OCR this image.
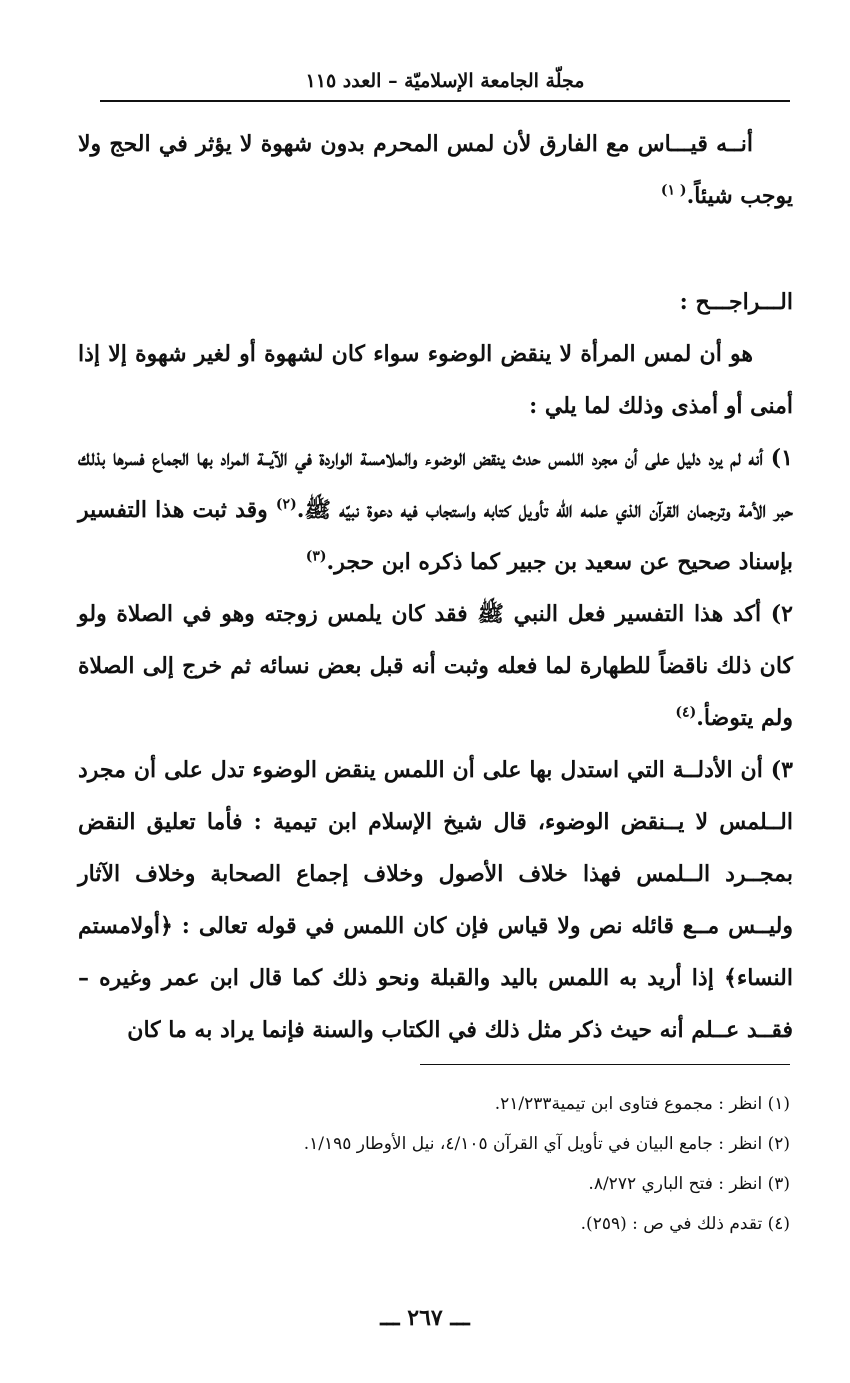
مجلّة الجامعة الإسلاميّة – العدد ١١٥

أنــه قيـــاس مع الفارق لأن لمس المحرم بدون شهوة لا يؤثر في الحج ولا يوجب شيئاً.$^{( ١)}$

الـــراجـــح :

هو أن لمس المرأة لا ينقض الوضوء سواء كان لشهوة أو لغير شهوة إلا إذا أمنى أو أمذى وذلك لما يلي :

١) أنه لم يرد دليل على أن مجرد اللمس حدث ينقض الوضوء والملامسة الواردة في الآيــة المراد بها الجماع فسرها بذلك حبر الأمة وترجمان القرآن الذي علمه الله تأويل كتابه واستجاب فيه دعوة نبيّه ﷺ.$^{(٢)}$ وقد ثبت هذا التفسير بإسناد صحيح عن سعيد بن جبير كما ذكره ابن حجر.$^{(٣)}$

٢) أكد هذا التفسير فعل النبي ﷺ فقد كان يلمس زوجته وهو في الصلاة ولو كان ذلك ناقضاً للطهارة لما فعله وثبت أنه قبل بعض نسائه ثم خرج إلى الصلاة ولم يتوضأ.$^{(٤)}$

٣) أن الأدلــة التي استدل بها على أن اللمس ينقض الوضوء تدل على أن مجرد الــلمس لا يــنقض الوضوء، قال شيخ الإسلام ابن تيمية : فأما تعليق النقض بمجــرد الــلمس فهذا خلاف الأصول وخلاف إجماع الصحابة وخلاف الآثار وليــس مــع قائله نص ولا قياس فإن كان اللمس في قوله تعالى : ﴿أولامستم النساء﴾ إذا أريد به اللمس باليد والقبلة ونحو ذلك كما قال ابن عمر وغيره – فقــد عــلم أنه حيث ذكر مثل ذلك في الكتاب والسنة فإنما يراد به ما كان

(١) انظر : مجموع فتاوى ابن تيمية٢١/٢٣٣.
(٢) انظر : جامع البيان في تأويل آي القرآن ٤/١٠٥، نيل الأوطار ١/١٩٥.
(٣) انظر : فتح الباري ٨/٢٧٢.
(٤) تقدم ذلك في ص : (٢٥٩).
ـــ ٢٦٧ ـــ
